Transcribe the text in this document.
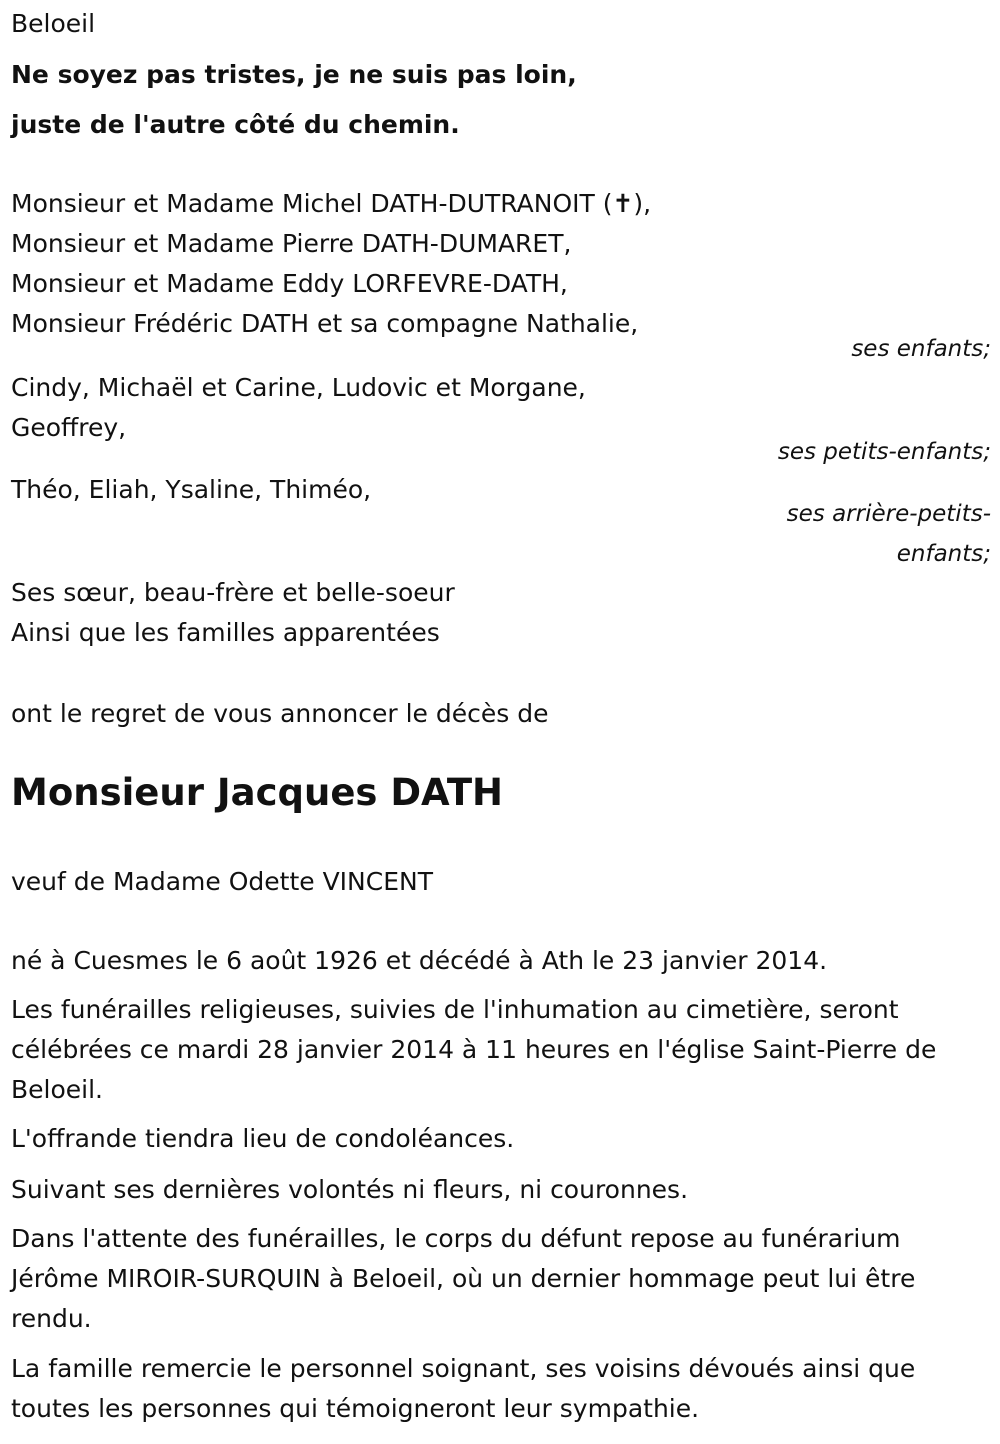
Beloeil
Ne soyez pas tristes, je ne suis pas loin,
juste de l'autre côté du chemin.
Monsieur et Madame Michel DATH-DUTRANOIT (✝),
Monsieur et Madame Pierre DATH-DUMARET,
Monsieur et Madame Eddy LORFEVRE-DATH,
Monsieur Frédéric DATH et sa compagne Nathalie,
ses enfants;
Cindy, Michaël et Carine, Ludovic et Morgane,
Geoffrey,
ses petits-enfants;
Théo, Eliah, Ysaline, Thiméo,
ses arrière-petits-
enfants;
Ses sœur, beau-frère et belle-soeur
Ainsi que les familles apparentées
ont le regret de vous annoncer le décès de
Monsieur Jacques DATH
veuf de Madame Odette VINCENT
né à Cuesmes le 6 août 1926 et décédé à Ath le 23 janvier 2014.
Les funérailles religieuses, suivies de l'inhumation au cimetière, seront célébrées ce mardi 28 janvier 2014 à 11 heures en l'église Saint-Pierre de Beloeil.
L'offrande tiendra lieu de condoléances.
Suivant ses dernières volontés ni fleurs, ni couronnes.
Dans l'attente des funérailles, le corps du défunt repose au funérarium Jérôme MIROIR-SURQUIN à Beloeil, où un dernier hommage peut lui être rendu.
La famille remercie le personnel soignant, ses voisins dévoués ainsi que toutes les personnes qui témoigneront leur sympathie.
